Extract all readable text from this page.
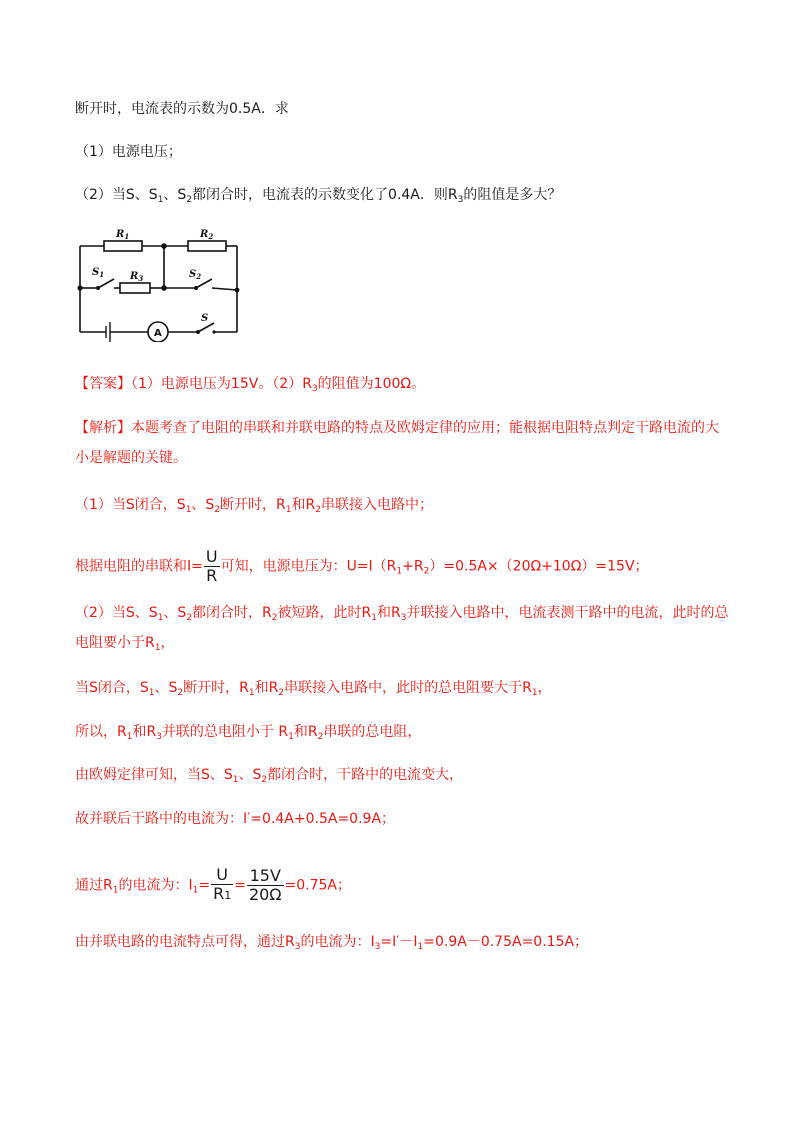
断开时，电流表的示数为0.5A．求
（1）电源电压；
（2）当S、$S_1$、$S_2$都闭合时，电流表的示数变化了0.4A．则$R_3$的阻值是多大？
$R_1$	$R_2$
$R_3$
$S_1$	$S_2$
S
A
【答案】（1）电源电压为15V。$(2)R_3$的阻值为100Ω。
【解析】本题考查了电阻的串联和并联电路的特点及欧姆定律的应用；能根据电阻特点判定干路电流的大
小是解题的关键。
（1）当S闭合，$S_1$、$S_2$断开时，$R_1$和$R_2$串联接入电路中；
根据电阻的串联和$I= \frac{U}{R}$ 可知，电源电压为：$U=I(R_1+R_2)=0.5A\times(20\Omega+10\Omega)=15V$；
（2）当S、$S_1$、$S_2$都闭合时，$R_2$被短路，此时$R_1$和$R_3$并联接入电路中，电流表测干路中的电流，此时的总
电阻要小于$R_1$，
当S闭合，$S_1$、$S_2$断开时，$R_1$和$R_2$串联接入电路中，此时的总电阻要大于$R_1$，
所以，$R_1$和$R_3$并联的总电阻小于 $R_1$和$R_2$串联的总电阻，
由欧姆定律可知，当S、$S_1$、$S_2$都闭合时，干路中的电流变大，
故并联后干路中的电流为：I′=0.4A+0.5A=0.9A；
通过$R_1$的电流为：$I_1= \frac{U}{R1} = \frac{15V}{20\Omega} =0.75A$；
由并联电路的电流特点可得，通过$R_3$的电流为：$I_3=I'-I_1=0.9A-0.75A=0.15A$；
